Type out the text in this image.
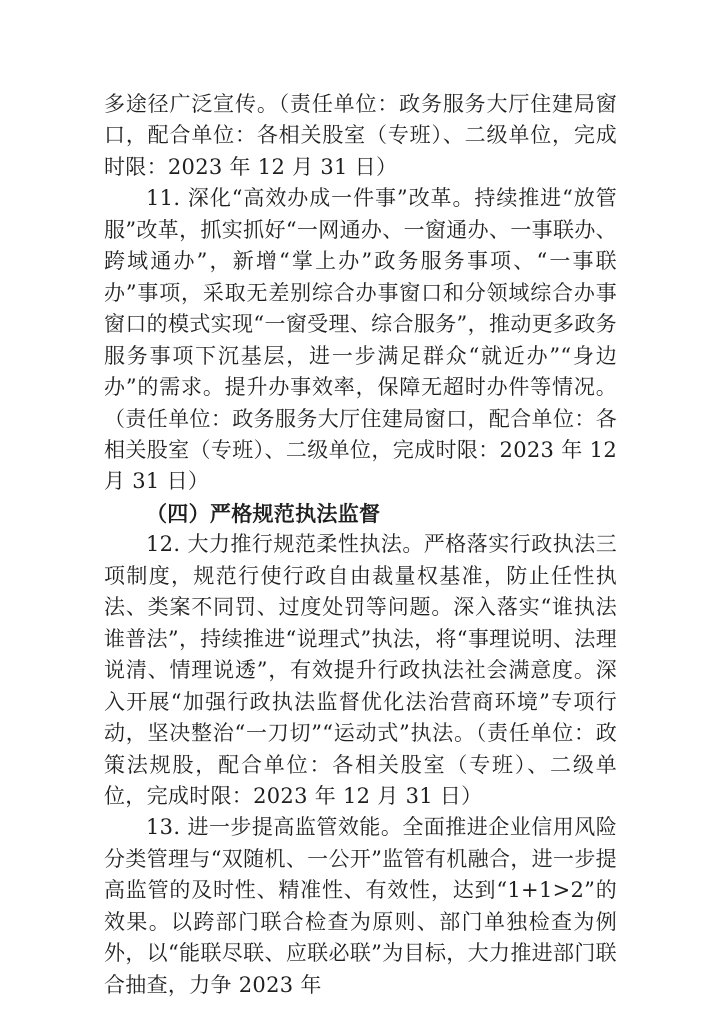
多途径广泛宣传。（责任单位：政务服务大厅住建局窗口，配合单位：各相关股室（专班）、二级单位，完成时限：2023 年 12 月 31 日）

11. 深化“高效办成一件事”改革。持续推进“放管服”改革，抓实抓好“一网通办、一窗通办、一事联办、跨域通办”，新增“掌上办”政务服务事项、“一事联办”事项，采取无差别综合办事窗口和分领域综合办事窗口的模式实现“一窗受理、综合服务”，推动更多政务服务事项下沉基层，进一步满足群众“就近办”“身边办”的需求。提升办事效率，保障无超时办件等情况。（责任单位：政务服务大厅住建局窗口，配合单位：各相关股室（专班）、二级单位，完成时限：2023 年 12 月 31 日）

（四）严格规范执法监督

12. 大力推行规范柔性执法。严格落实行政执法三项制度，规范行使行政自由裁量权基准，防止任性执法、类案不同罚、过度处罚等问题。深入落实“谁执法谁普法”，持续推进“说理式”执法，将“事理说明、法理说清、情理说透”，有效提升行政执法社会满意度。深入开展“加强行政执法监督优化法治营商环境”专项行动，坚决整治“一刀切”“运动式”执法。（责任单位：政策法规股，配合单位：各相关股室（专班）、二级单位，完成时限：2023 年 12 月 31 日）

13. 进一步提高监管效能。全面推进企业信用风险分类管理与“双随机、一公开”监管有机融合，进一步提高监管的及时性、精准性、有效性，达到“1+1>2”的效果。以跨部门联合检查为原则、部门单独检查为例外，以“能联尽联、应联必联”为目标，大力推进部门联合抽查，力争 2023 年
